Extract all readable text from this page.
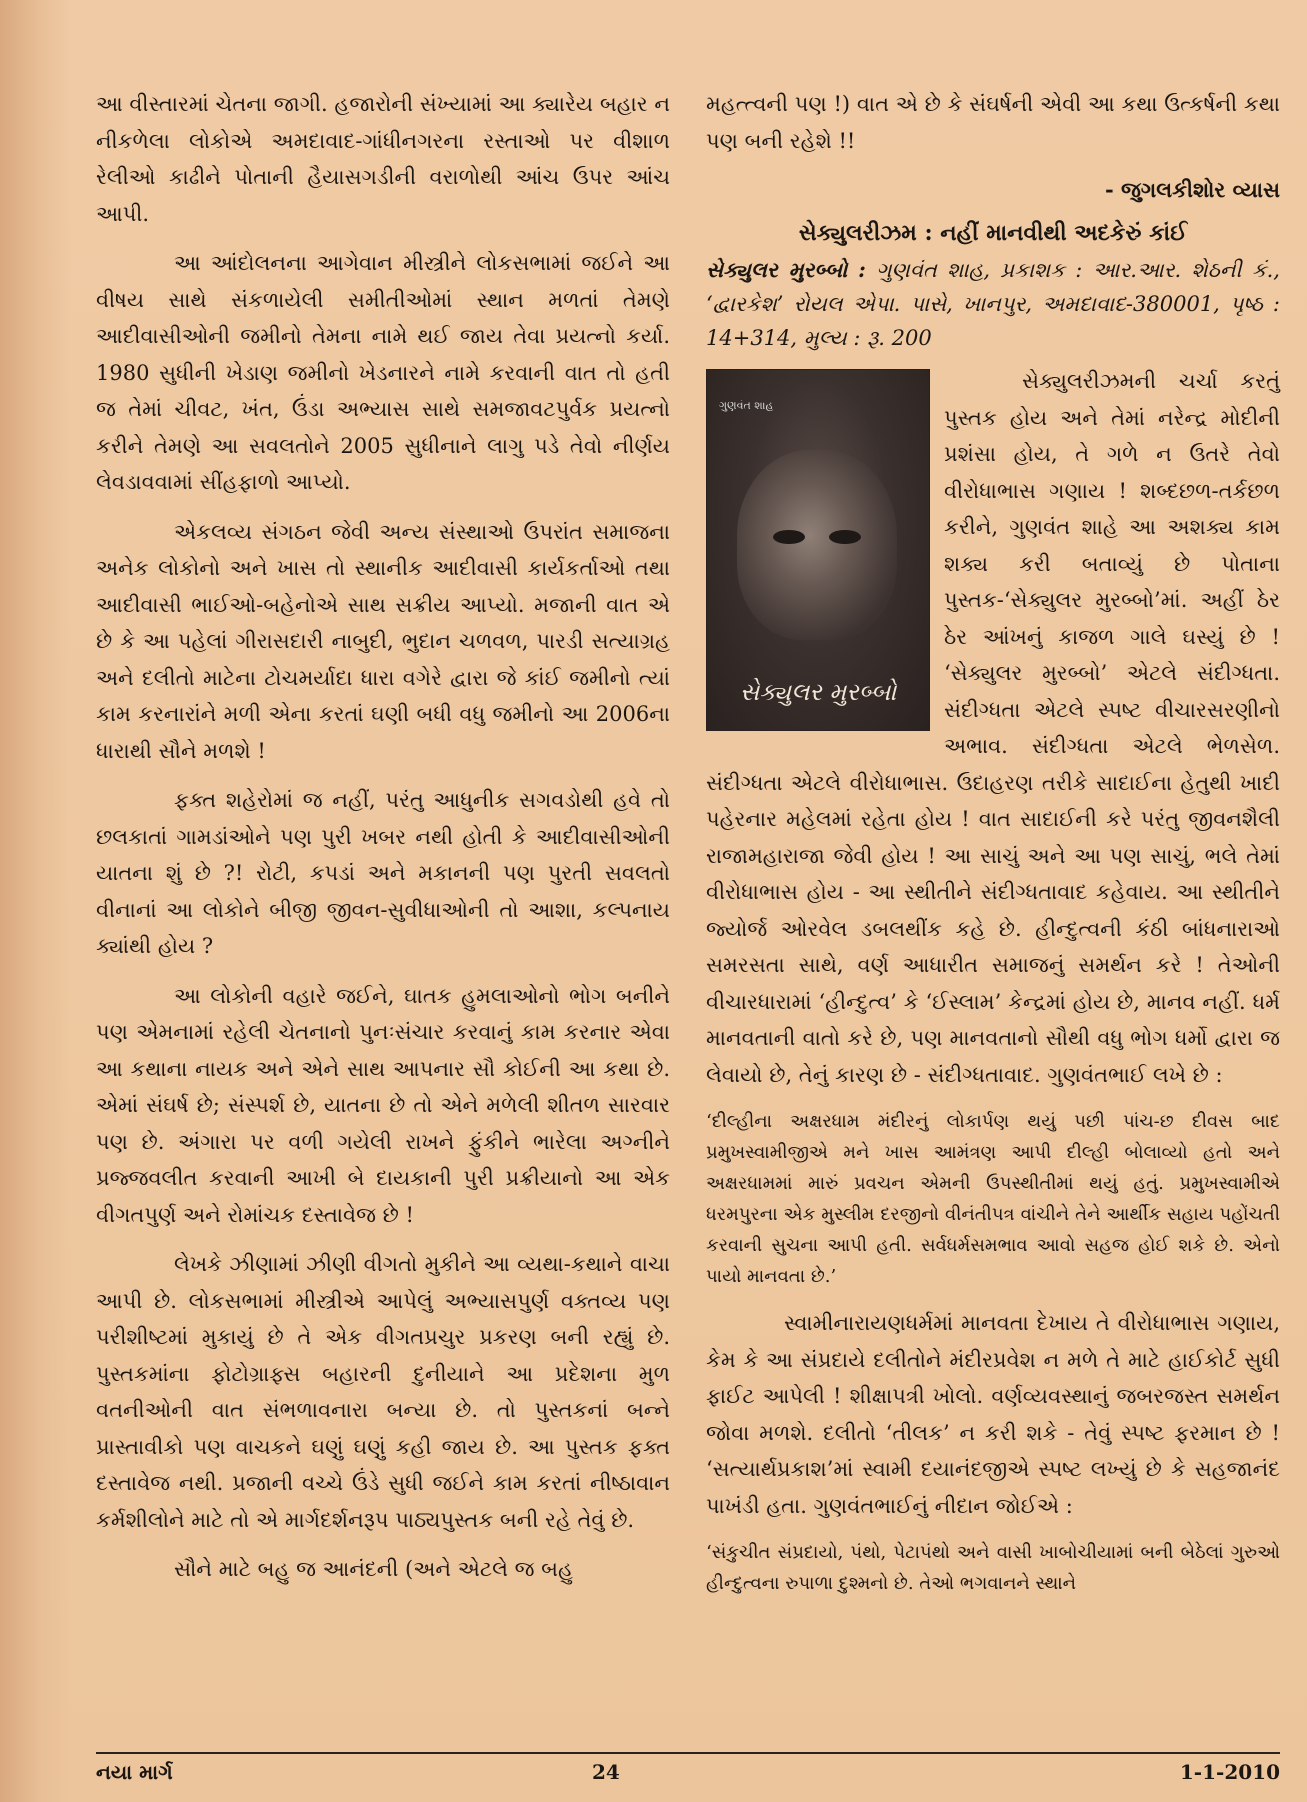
આ વીસ્તારમાં ચેતના જાગી. હજારોની સંખ્યામાં આ ક્યારેય બહાર ન નીકળેલા લોકોએ અમદાવાદ-ગાંધીનગરના રસ્તાઓ પર વીશાળ રેલીઓ કાઢીને પોતાની હૈયાસગડીની વરાળોથી આંચ ઉપર આંચ આપી.

આ આંદોલનના આગેવાન મીસ્ત્રીને લોકસભામાં જઈને આ વીષય સાથે સંકળાયેલી સમીતીઓમાં સ્થાન મળતાં તેમણે આદીવાસીઓની જમીનો તેમના નામે થઈ જાય તેવા પ્રયત્નો કર્યા. 1980 સુધીની ખેડાણ જમીનો ખેડનારને નામે કરવાની વાત તો હતી જ તેમાં ચીવટ, ખંત, ઉંડા અભ્યાસ સાથે સમજાવટપુર્વક પ્રયત્નો કરીને તેમણે આ સવલતોને 2005 સુધીનાને લાગુ પડે તેવો નીર્ણય લેવડાવવામાં સીંહફાળો આપ્યો.

એકલવ્ય સંગઠન જેવી અન્ય સંસ્થાઓ ઉપરાંત સમાજના અનેક લોકોનો અને ખાસ તો સ્થાનીક આદીવાસી કાર્યકર્તાઓ તથા આદીવાસી ભાઈઓ-બહેનોએ સાથ સક્રીય આપ્યો. મજાની વાત એ છે કે આ પહેલાં ગીરાસદારી નાબુદી, ભુદાન ચળવળ, પારડી સત્યાગ્રહ અને દલીતો માટેના ટોચમર્યાદા ધારા વગેરે દ્વારા જે કાંઈ જમીનો ત્યાં કામ કરનારાંને મળી એના કરતાં ઘણી બધી વધુ જમીનો આ 2006ના ધારાથી સૌને મળશે !

ફક્ત શહેરોમાં જ નહીં, પરંતુ આધુનીક સગવડોથી હવે તો છલકાતાં ગામડાંઓને પણ પુરી ખબર નથી હોતી કે આદીવાસીઓની યાતના શું છે ?! રોટી, કપડાં અને મકાનની પણ પુરતી સવલતો વીનાનાં આ લોકોને બીજી જીવન-સુવીધાઓની તો આશા, કલ્પનાય ક્યાંથી હોય ?

આ લોકોની વહારે જઈને, ઘાતક હુમલાઓનો ભોગ બનીને પણ એમનામાં રહેલી ચેતનાનો પુનઃસંચાર કરવાનું કામ કરનાર એવા આ કથાના નાયક અને એને સાથ આપનાર સૌ કોઈની આ કથા છે. એમાં સંઘર્ષ છે; સંસ્પર્શ છે, યાતના છે તો એને મળેલી શીતળ સારવાર પણ છે. અંગારા પર વળી ગયેલી રાખને ફુંકીને ભારેલા અગ્નીને પ્રજ્જવલીત કરવાની આખી બે દાયકાની પુરી પ્રક્રીયાનો આ એક વીગતપુર્ણ અને રોમાંચક દસ્તાવેજ છે !

લેખકે ઝીણામાં ઝીણી વીગતો મુકીને આ વ્યથા-કથાને વાચા આપી છે. લોકસભામાં મીસ્ત્રીએ આપેલું અભ્યાસપુર્ણ વક્તવ્ય પણ પરીશીષ્ટમાં મુકાયું છે તે એક વીગતપ્રચુર પ્રકરણ બની રહ્યું છે. પુસ્તકમાંના ફોટોગ્રાફ્સ બહારની દુનીયાને આ પ્રદેશના મુળ વતનીઓની વાત સંભળાવનારા બન્યા છે. તો પુસ્તકનાં બન્ને પ્રાસ્તાવીકો પણ વાચકને ઘણું ઘણું કહી જાય છે. આ પુસ્તક ફક્ત દસ્તાવેજ નથી. પ્રજાની વચ્ચે ઉંડે સુધી જઈને કામ કરતાં નીષ્ઠાવાન કર્મશીલોને માટે તો એ માર્ગદર્શનરૂપ પાઠ્યપુસ્તક બની રહે તેવું છે.

સૌને માટે બહુ જ આનંદની (અને એટલે જ બહુ

મહત્ત્વની પણ !) વાત એ છે કે સંઘર્ષની એવી આ કથા ઉત્કર્ષની કથા પણ બની રહેશે !!

- જુગલકીશોર વ્યાસ
સેક્યુલરીઝમ : નહીં માનવીથી અદકેરું કાંઈ
સેક્યુલર મુરબ્બો : ગુણવંત શાહ, પ્રકાશક : આર.આર. શેઠની કં., ‘દ્વારકેશ’ રોયલ એપા. પાસે, ખાનપુર, અમદાવાદ-380001, પૃષ્ઠ : 14+314, મુલ્ય : રૂ. 200
ગુણવંત શાહ
સેક્યુલર મુરબ્બો

સેક્યુલરીઝમની ચર્ચા કરતું પુસ્તક હોય અને તેમાં નરેન્દ્ર મોદીની પ્રશંસા હોય, તે ગળે ન ઉતરે તેવો વીરોધાભાસ ગણાય ! શબ્દછળ-તર્કછળ કરીને, ગુણવંત શાહે આ અશક્ય કામ શક્ય કરી બતાવ્યું છે પોતાના પુસ્તક-‘સેક્યુલર મુરબ્બો’માં. અહીં ઠેર ઠેર આંખનું કાજળ ગાલે ઘસ્યું છે ! ‘સેક્યુલર મુરબ્બો’ એટલે સંદીગ્ધતા. સંદીગ્ધતા એટલે સ્પષ્ટ વીચારસરણીનો અભાવ. સંદીગ્ધતા એટલે ભેળસેળ. સંદીગ્ધતા એટલે વીરોધાભાસ. ઉદાહરણ તરીકે સાદાઈના હેતુથી ખાદી પહેરનાર મહેલમાં રહેતા હોય ! વાત સાદાઈની કરે પરંતુ જીવનશૈલી રાજામહારાજા જેવી હોય ! આ સાચું અને આ પણ સાચું, ભલે તેમાં વીરોધાભાસ હોય - આ સ્થીતીને સંદીગ્ધતાવાદ કહેવાય. આ સ્થીતીને જ્યોર્જ ઓરવેલ ડબલથીંક કહે છે. હીન્દુત્વની કંઠી બાંધનારાઓ સમરસતા સાથે, વર્ણ આધારીત સમાજનું સમર્થન કરે ! તેઓની વીચારધારામાં ‘હીન્દુત્વ’ કે ‘ઈસ્લામ’ કેન્દ્રમાં હોય છે, માનવ નહીં. ધર્મ માનવતાની વાતો કરે છે, પણ માનવતાનો સૌથી વધુ ભોગ ધર્મો દ્વારા જ લેવાયો છે, તેનું કારણ છે - સંદીગ્ધતાવાદ. ગુણવંતભાઈ લખે છે :

‘દીલ્હીના અક્ષરધામ મંદીરનું લોકાર્પણ થયું પછી પાંચ-છ દીવસ બાદ પ્રમુખસ્વામીજીએ મને ખાસ આમંત્રણ આપી દીલ્હી બોલાવ્યો હતો અને અક્ષરધામમાં મારું પ્રવચન એમની ઉપસ્થીતીમાં થયું હતું. પ્રમુખસ્વામીએ ધરમપુરના એક મુસ્લીમ દરજીનો વીનંતીપત્ર વાંચીને તેને આર્થીક સહાય પહોંચતી કરવાની સુચના આપી હતી. સર્વધર્મસમભાવ આવો સહજ હોઈ શકે છે. એનો પાયો માનવતા છે.’

સ્વામીનારાયણધર્મમાં માનવતા દેખાય તે વીરોધાભાસ ગણાય, કેમ કે આ સંપ્રદાયે દલીતોને મંદીરપ્રવેશ ન મળે તે માટે હાઈકોર્ટ સુધી ફાઈટ આપેલી ! શીક્ષાપત્રી ખોલો. વર્ણવ્યવસ્થાનું જબરજસ્ત સમર્થન જોવા મળશે. દલીતો ‘તીલક’ ન કરી શકે - તેવું સ્પષ્ટ ફરમાન છે ! ‘સત્યાર્થપ્રકાશ’માં સ્વામી દયાનંદજીએ સ્પષ્ટ લખ્યું છે કે સહજાનંદ પાખંડી હતા. ગુણવંતભાઈનું નીદાન જોઈએ :

‘સંકુચીત સંપ્રદાયો, પંથો, પેટાપંથો અને વાસી ખાબોચીયામાં બની બેઠેલાં ગુરુઓ હીન્દુત્વના રુપાળા દુશ્મનો છે. તેઓ ભગવાનને સ્થાને

નયા માર્ગ	24	1-1-2010
